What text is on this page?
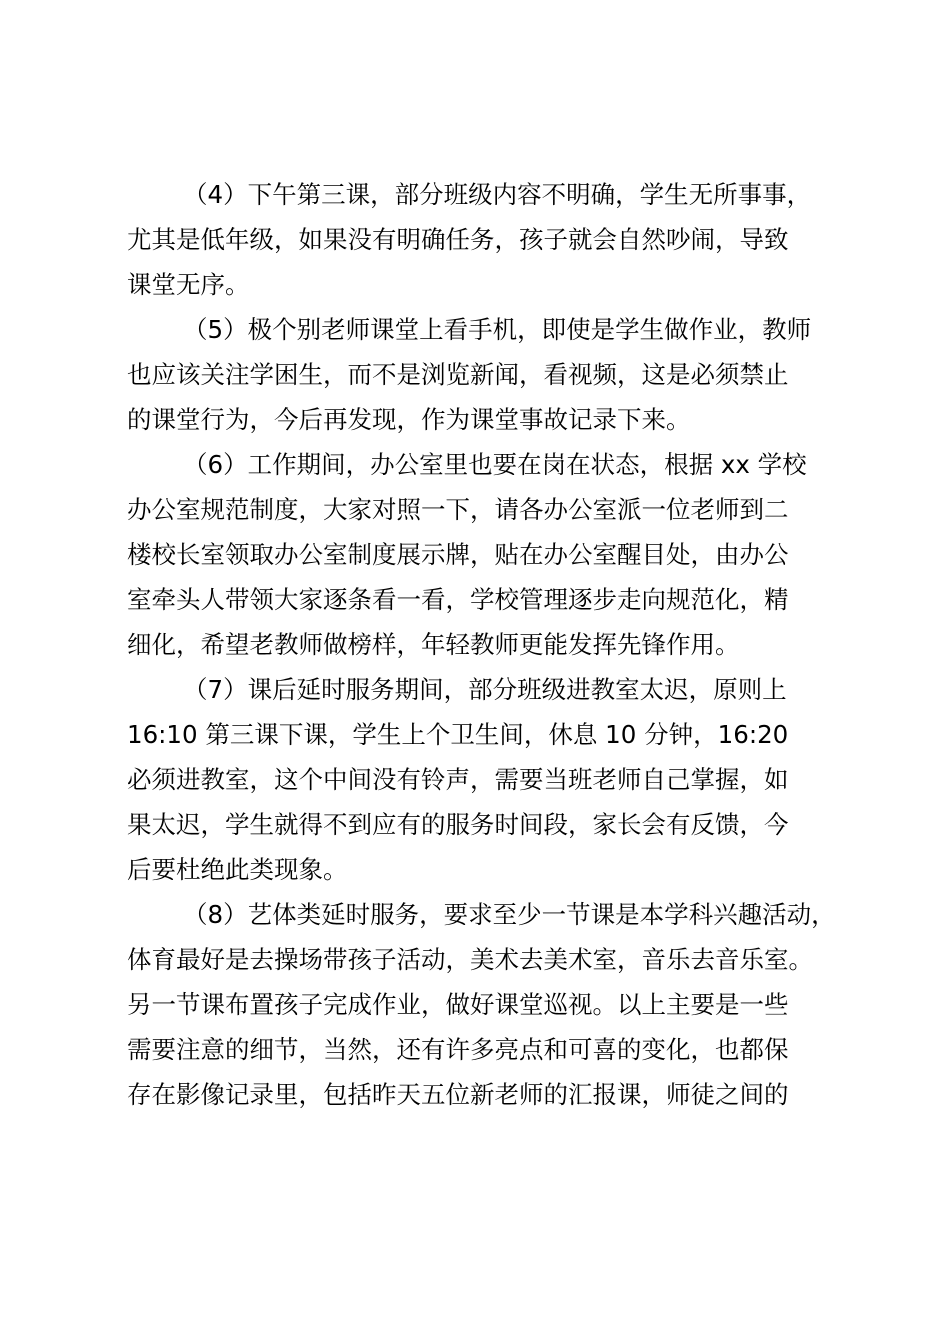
（4）下午第三课，部分班级内容不明确，学生无所事事，
尤其是低年级，如果没有明确任务，孩子就会自然吵闹，导致
课堂无序。
（5）极个别老师课堂上看手机，即使是学生做作业，教师
也应该关注学困生，而不是浏览新闻，看视频，这是必须禁止
的课堂行为，今后再发现，作为课堂事故记录下来。
（6）工作期间，办公室里也要在岗在状态，根据 xx 学校
办公室规范制度，大家对照一下，请各办公室派一位老师到二
楼校长室领取办公室制度展示牌，贴在办公室醒目处，由办公
室牵头人带领大家逐条看一看，学校管理逐步走向规范化，精
细化，希望老教师做榜样，年轻教师更能发挥先锋作用。
（7）课后延时服务期间，部分班级进教室太迟，原则上
16:10 第三课下课，学生上个卫生间，休息 10 分钟，16:20
必须进教室，这个中间没有铃声，需要当班老师自己掌握，如
果太迟，学生就得不到应有的服务时间段，家长会有反馈，今
后要杜绝此类现象。
（8）艺体类延时服务，要求至少一节课是本学科兴趣活动，
体育最好是去操场带孩子活动，美术去美术室，音乐去音乐室。
另一节课布置孩子完成作业，做好课堂巡视。以上主要是一些
需要注意的细节，当然，还有许多亮点和可喜的变化，也都保
存在影像记录里，包括昨天五位新老师的汇报课，师徒之间的
